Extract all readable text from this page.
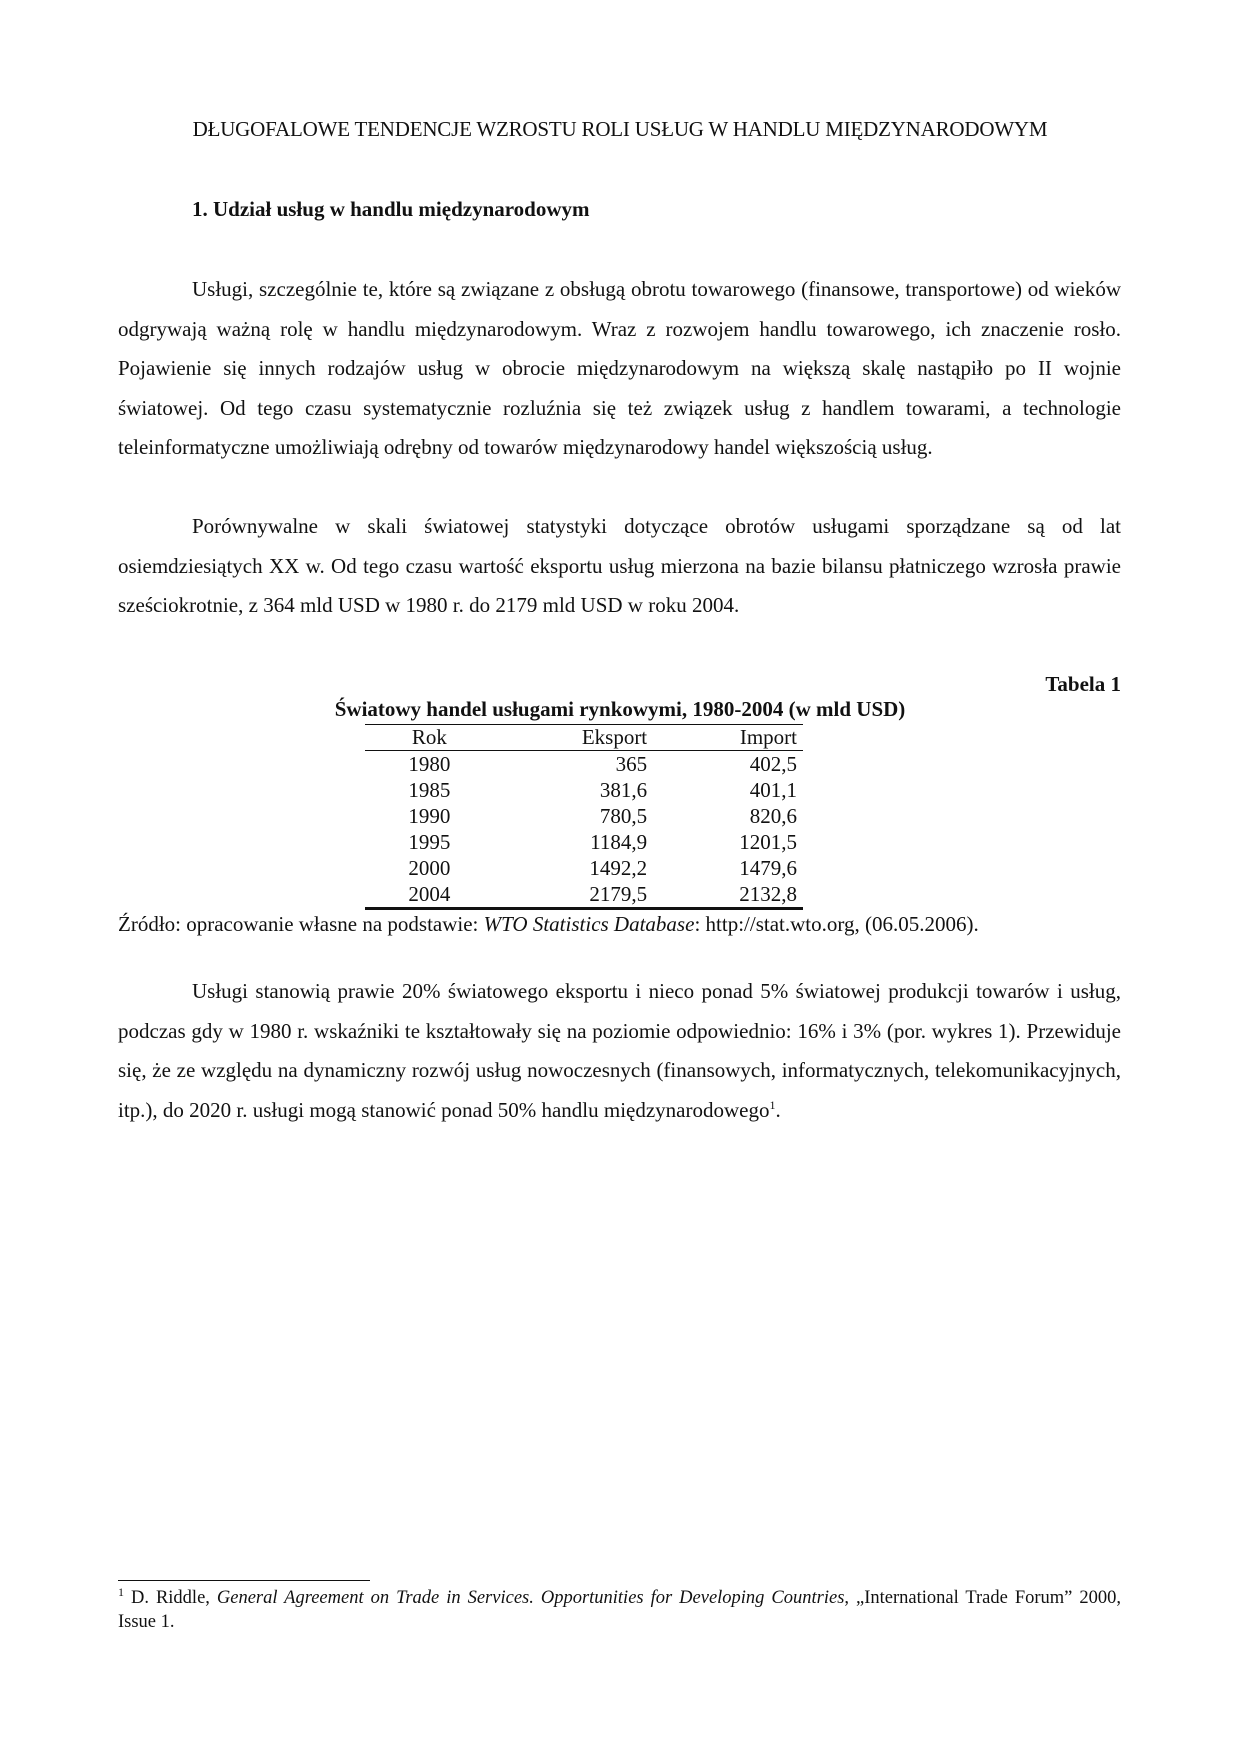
DŁUGOFALOWE TENDENCJE WZROSTU ROLI USŁUG W HANDLU MIĘDZYNARODOWYM
1. Udział usług w handlu międzynarodowym

Usługi, szczególnie te, które są związane z obsługą obrotu towarowego (finansowe, transportowe) od wieków odgrywają ważną rolę w handlu międzynarodowym. Wraz z rozwojem handlu towarowego, ich znaczenie rosło. Pojawienie się innych rodzajów usług w obrocie międzynarodowym na większą skalę nastąpiło po II wojnie światowej. Od tego czasu systematycznie rozluźnia się też związek usług z handlem towarami, a technologie teleinformatyczne umożliwiają odrębny od towarów międzynarodowy handel większością usług.

Porównywalne w skali światowej statystyki dotyczące obrotów usługami sporządzane są od lat osiemdziesiątych XX w. Od tego czasu wartość eksportu usług mierzona na bazie bilansu płatniczego wzrosła prawie sześciokrotnie, z 364 mld USD w 1980 r. do 2179 mld USD w roku 2004.

Tabela 1
Światowy handel usługami rynkowymi, 1980-2004 (w mld USD)
Rok	Eksport	Import
1980	365	402,5
1985	381,6	401,1
1990	780,5	820,6
1995	1184,9	1201,5
2000	1492,2	1479,6
2004	2179,5	2132,8
Źródło: opracowanie własne na podstawie: WTO Statistics Database: http://stat.wto.org, (06.05.2006).

Usługi stanowią prawie 20% światowego eksportu i nieco ponad 5% światowej produkcji towarów i usług, podczas gdy w 1980 r. wskaźniki te kształtowały się na poziomie odpowiednio: 16% i 3% (por. wykres 1). Przewiduje się, że ze względu na dynamiczny rozwój usług nowoczesnych (finansowych, informatycznych, telekomunikacyjnych, itp.), do 2020 r. usługi mogą stanowić ponad 50% handlu międzynarodowego$^1$.

$^1$ D. Riddle, General Agreement on Trade in Services. Opportunities for Developing Countries, „International Trade Forum” 2000, Issue 1.
